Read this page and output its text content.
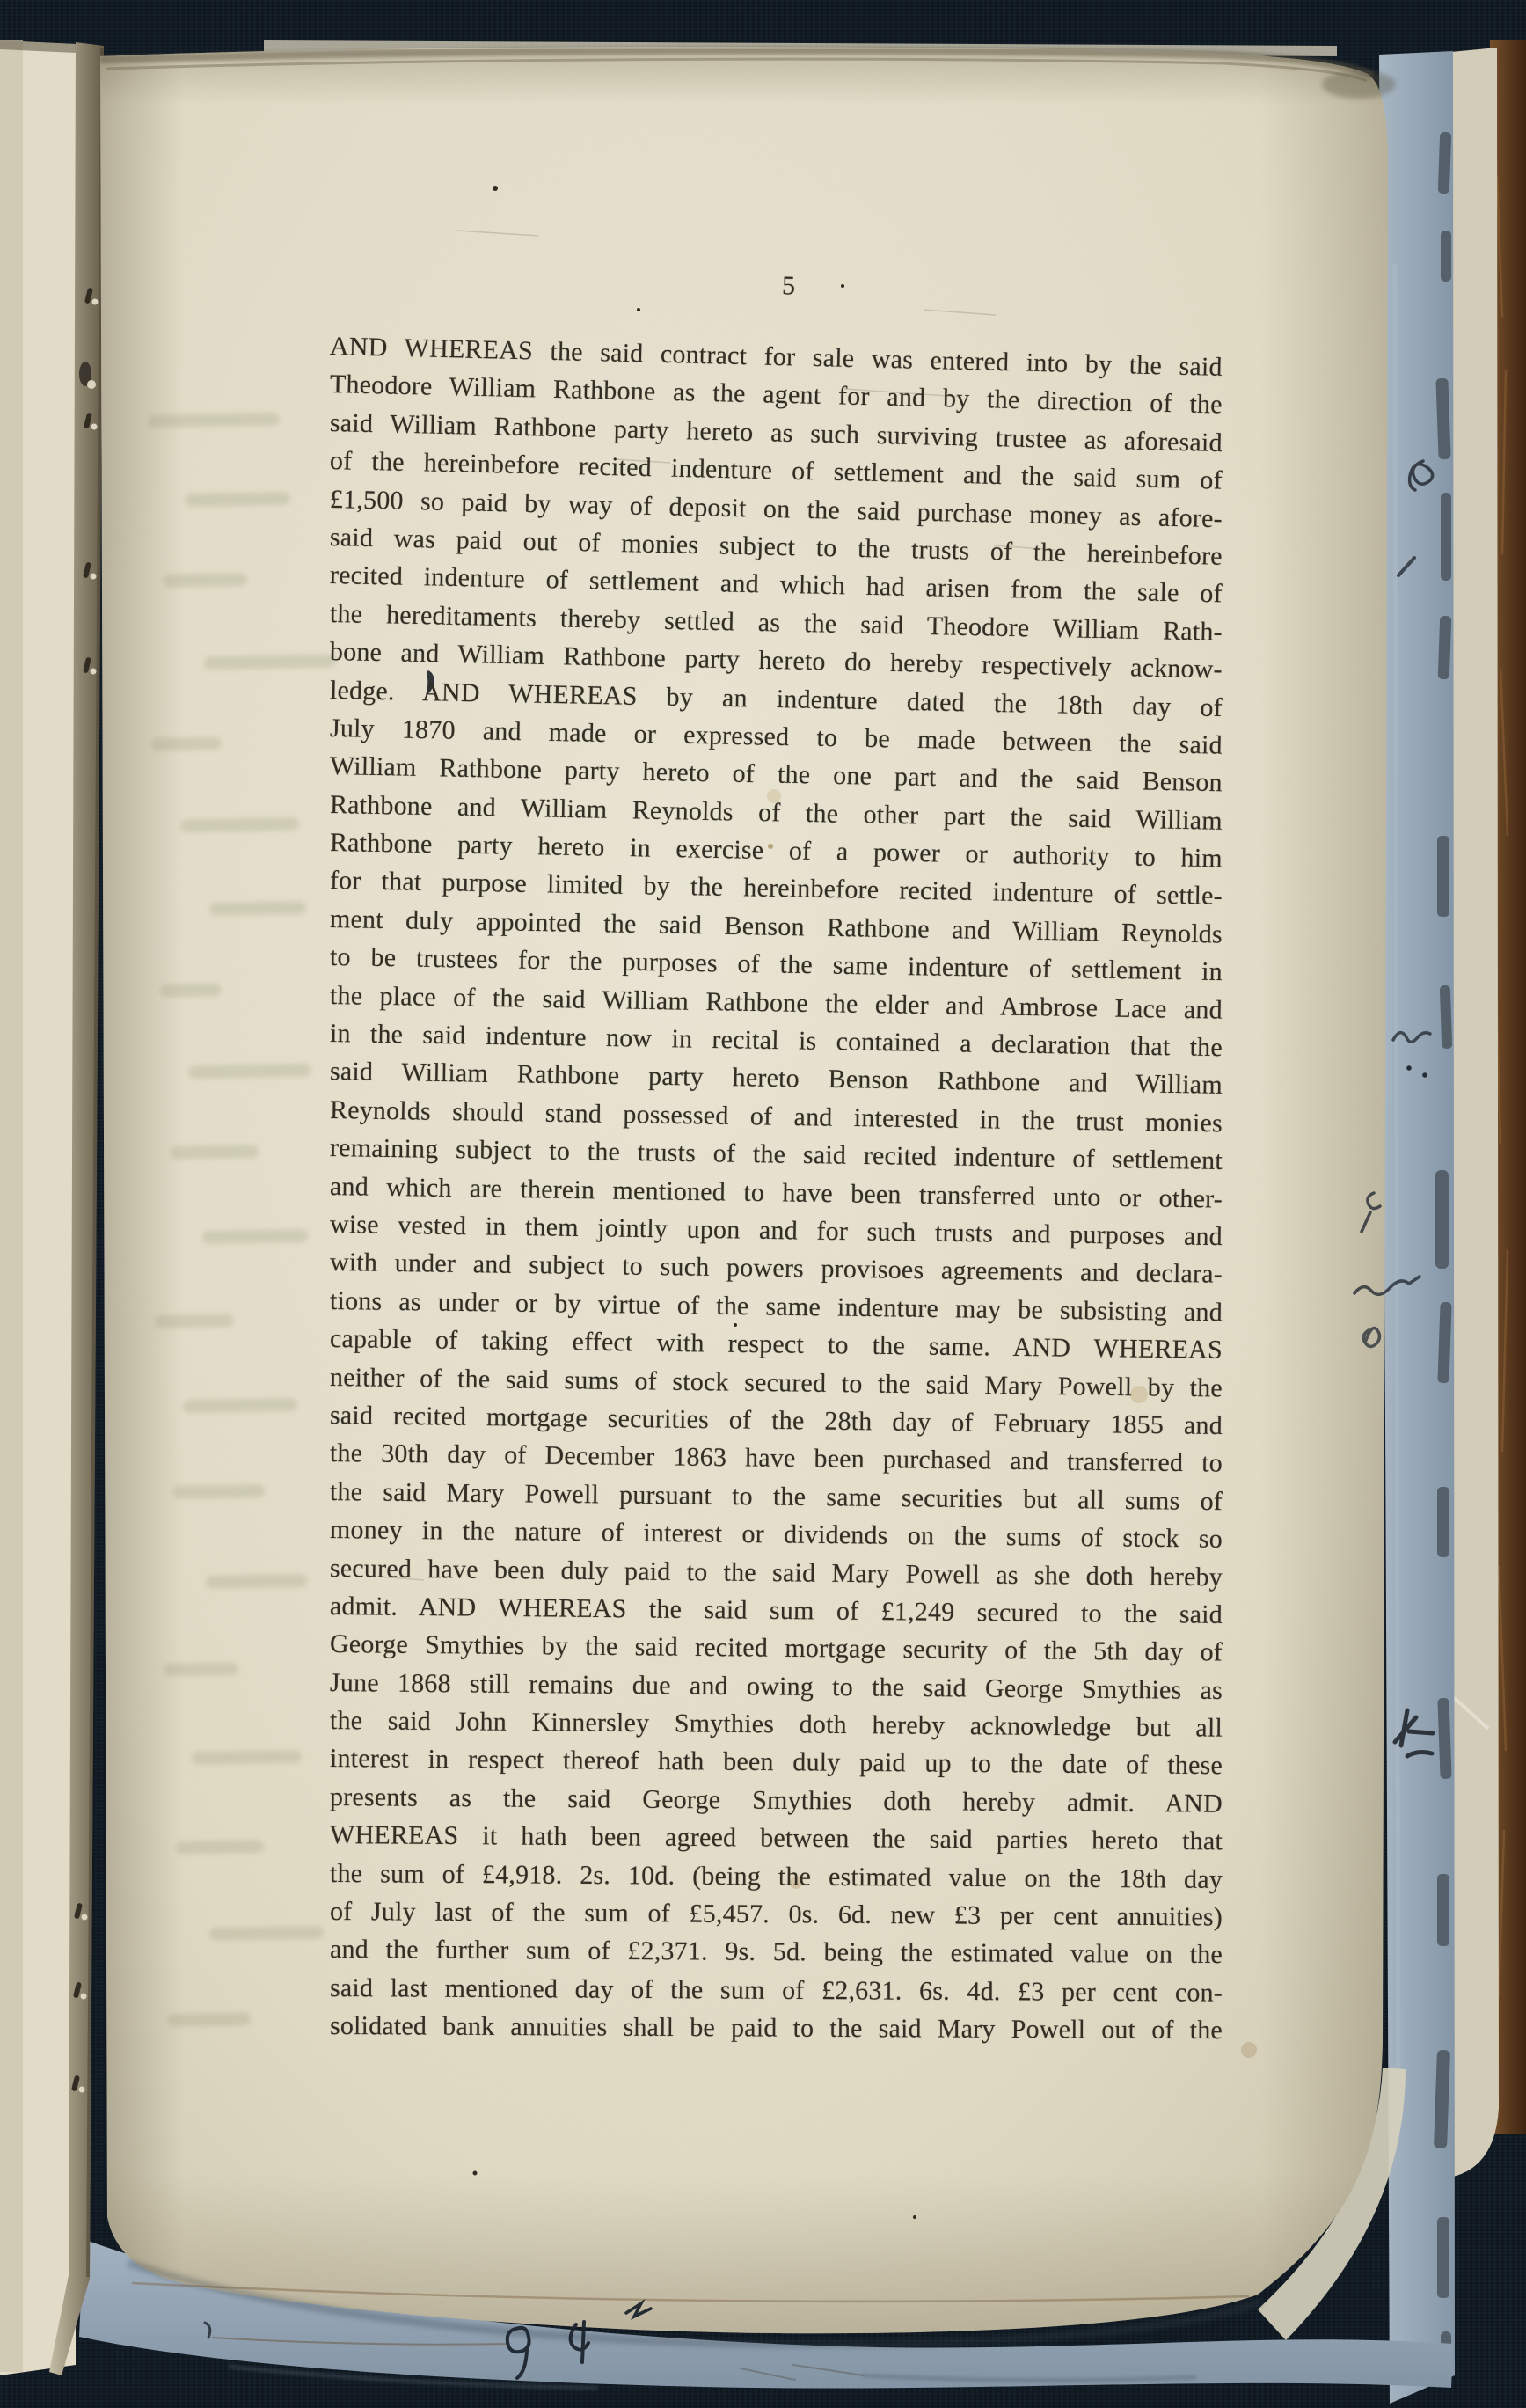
5
AND WHEREAS the said contract for sale was entered into by the said
Theodore William Rathbone as the agent for and by the direction of the
said William Rathbone party hereto as such surviving trustee as aforesaid
of the hereinbefore recited indenture of settlement and the said sum of
£1,500 so paid by way of deposit on the said purchase money as afore-
said was paid out of monies subject to the trusts of the hereinbefore
recited indenture of settlement and which had arisen from the sale of
the hereditaments thereby settled as the said Theodore William Rath-
bone and William Rathbone party hereto do hereby respectively acknow-
ledge. AND WHEREAS by an indenture dated the 18th day of
July 1870 and made or expressed to be made between the said
William Rathbone party hereto of the one part and the said Benson
Rathbone and William Reynolds of the other part the said William
Rathbone party hereto in exercise of a power or authority to him
for that purpose limited by the hereinbefore recited indenture of settle-
ment duly appointed the said Benson Rathbone and William Reynolds
to be trustees for the purposes of the same indenture of settlement in
the place of the said William Rathbone the elder and Ambrose Lace and
in the said indenture now in recital is contained a declaration that the
said William Rathbone party hereto Benson Rathbone and William
Reynolds should stand possessed of and interested in the trust monies
remaining subject to the trusts of the said recited indenture of settlement
and which are therein mentioned to have been transferred unto or other-
wise vested in them jointly upon and for such trusts and purposes and
with under and subject to such powers provisoes agreements and declara-
tions as under or by virtue of the same indenture may be subsisting and
capable of taking effect with respect to the same. AND WHEREAS
neither of the said sums of stock secured to the said Mary Powell by the
said recited mortgage securities of the 28th day of February 1855 and
the 30th day of December 1863 have been purchased and transferred to
the said Mary Powell pursuant to the same securities but all sums of
money in the nature of interest or dividends on the sums of stock so
secured have been duly paid to the said Mary Powell as she doth hereby
admit. AND WHEREAS the said sum of £1,249 secured to the said
George Smythies by the said recited mortgage security of the 5th day of
June 1868 still remains due and owing to the said George Smythies as
the said John Kinnersley Smythies doth hereby acknowledge but all
interest in respect thereof hath been duly paid up to the date of these
presents as the said George Smythies doth hereby admit. AND
WHEREAS it hath been agreed between the said parties hereto that
the sum of £4,918. 2s. 10d. (being the estimated value on the 18th day
of July last of the sum of £5,457. 0s. 6d. new £3 per cent annuities)
and the further sum of £2,371. 9s. 5d. being the estimated value on the
said last mentioned day of the sum of £2,631. 6s. 4d. £3 per cent con-
solidated bank annuities shall be paid to the said Mary Powell out of the
